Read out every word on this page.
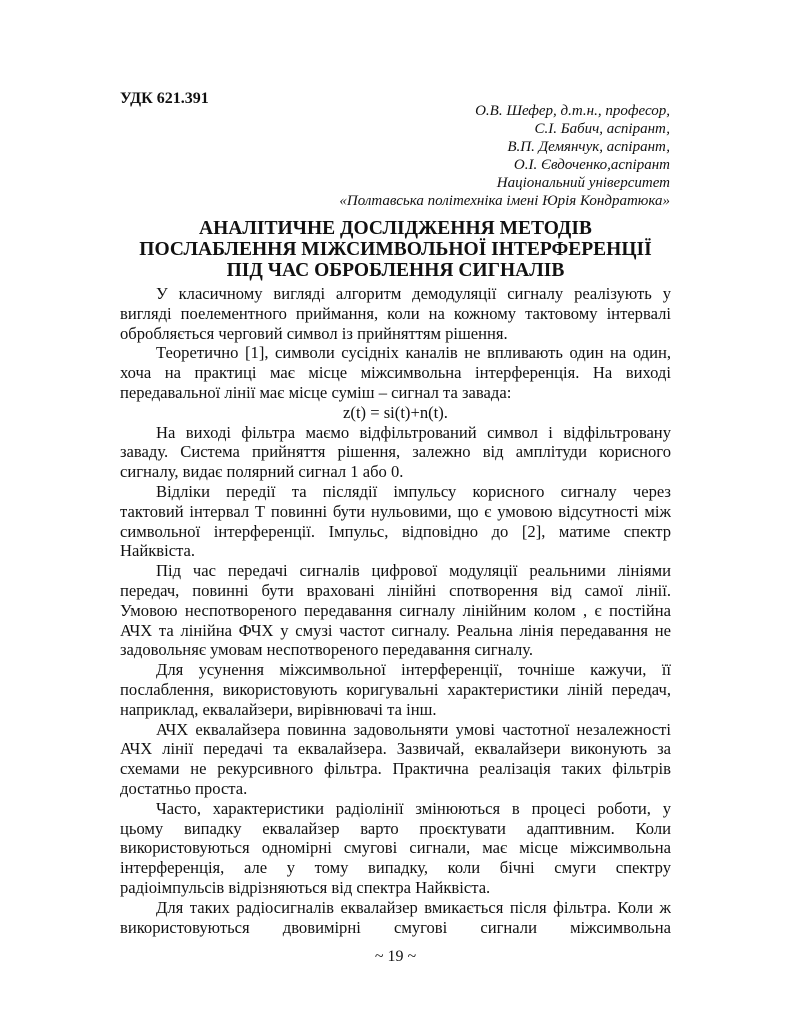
УДК 621.391
О.В. Шефер, д.т.н., професор,
С.І. Бабич, аспірант,
В.П. Демянчук, аспірант,
О.І. Євдоченко,аспірант
Національний університет
«Полтавська політехніка імені Юрія Кондратюка»
АНАЛІТИЧНЕ ДОСЛІДЖЕННЯ МЕТОДІВ
ПОСЛАБЛЕННЯ МІЖСИМВОЛЬНОЇ ІНТЕРФЕРЕНЦІЇ
ПІД ЧАС ОБРОБЛЕННЯ СИГНАЛІВ
У класичному вигляді алгоритм демодуляції сигналу реалізують у
вигляді поелементного приймання, коли на кожному тактовому інтервалі
обробляється черговий символ із прийняттям рішення.
Теоретично [1], символи сусідніх каналів не впливають один на один,
хоча на практиці має місце міжсимвольна інтерференція. На виході
передавальної лінії має місце суміш – сигнал та завада:
z(t) = si(t)+n(t).
На виході фільтра маємо відфільтрований символ і відфільтровану
заваду. Система прийняття рішення, залежно від амплітуди корисного
сигналу, видає полярний сигнал 1 або 0.
Відліки передії та післядії імпульсу корисного сигналу через
тактовий інтервал Т повинні бути нульовими, що є умовою відсутності між
символьної інтерференції. Імпульс, відповідно до [2], матиме спектр
Найквіста.
Під час передачі сигналів цифрової модуляції реальними лініями
передач, повинні бути враховані лінійні спотворення від самої лінії.
Умовою неспотвореного передавання сигналу лінійним колом , є постійна
АЧХ та лінійна ФЧХ у смузі частот сигналу. Реальна лінія передавання не
задовольняє умовам неспотвореного передавання сигналу.
Для усунення міжсимвольної інтерференції, точніше кажучи, її
послаблення, використовують коригувальні характеристики ліній передач,
наприклад, еквалайзери, вирівнювачі та інш.
АЧХ еквалайзера повинна задовольняти умові частотної незалежності
АЧХ лінії передачі та еквалайзера. Зазвичай, еквалайзери виконують за
схемами не рекурсивного фільтра. Практична реалізація таких фільтрів
достатньо проста.
Часто, характеристики радіолінії змінюються в процесі роботи, у
цьому випадку еквалайзер варто проєктувати адаптивним. Коли
використовуються одномірні смугові сигнали, має місце міжсимвольна
інтерференція, але у тому випадку, коли бічні смуги спектру
радіоімпульсів відрізняються від спектра Найквіста.
Для таких радіосигналів еквалайзер вмикається після фільтра. Коли ж
використовуються двовимірні смугові сигнали міжсимвольна
~ 19 ~
